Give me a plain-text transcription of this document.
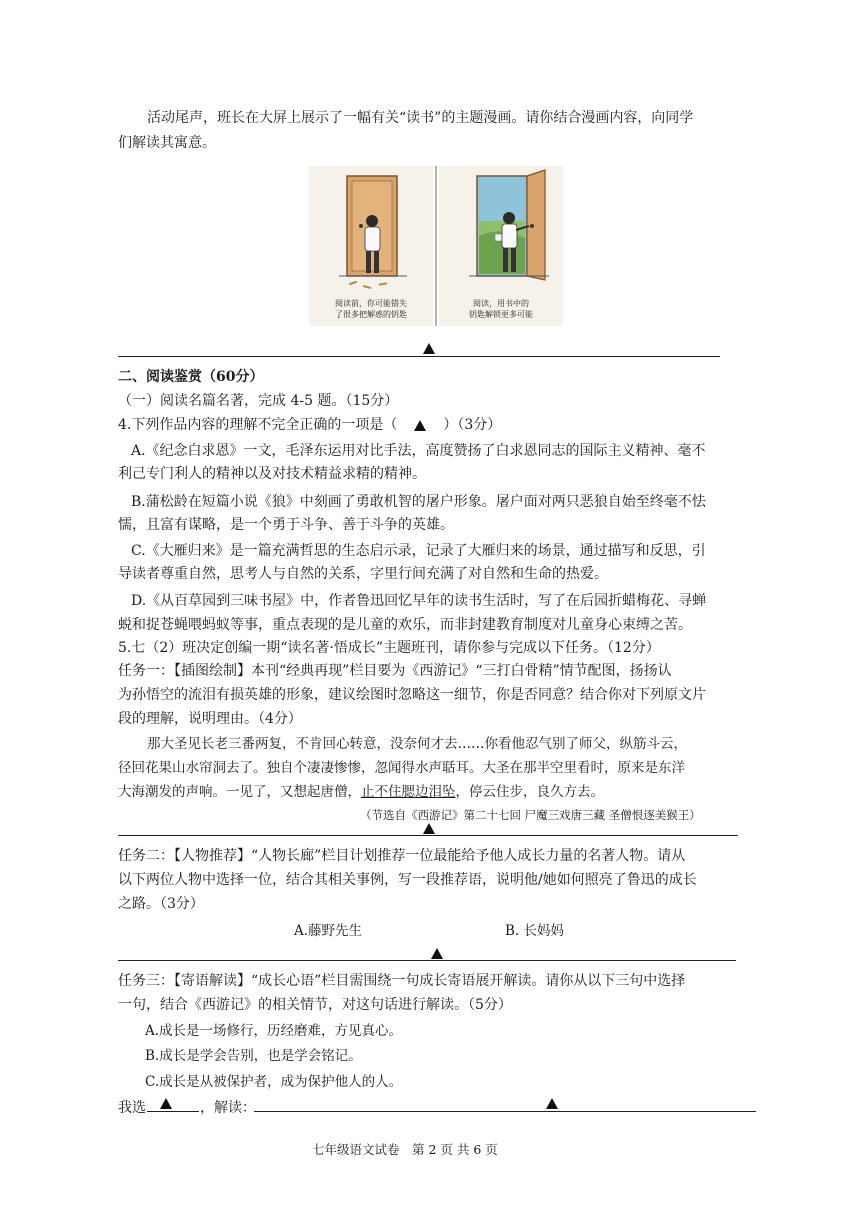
活动尾声，班长在大屏上展示了一幅有关“读书”的主题漫画。请你结合漫画内容，向同学
们解读其寓意。
阅读前，你可能错失
了很多把解惑的钥匙
阅读，用书中的
钥匙解锁更多可能
二、阅读鉴赏（60分）
（一）阅读名篇名著，完成 4-5 题。（15分）
4.下列作品内容的理解不完全正确的一项是（	）（3分）
A.《纪念白求恩》一文，毛泽东运用对比手法，高度赞扬了白求恩同志的国际主义精神、毫不
利己专门利人的精神以及对技术精益求精的精神。
B.蒲松龄在短篇小说《狼》中刻画了勇敢机智的屠户形象。屠户面对两只恶狼自始至终毫不怯
懦，且富有谋略，是一个勇于斗争、善于斗争的英雄。
C.《大雁归来》是一篇充满哲思的生态启示录，记录了大雁归来的场景，通过描写和反思，引
导读者尊重自然，思考人与自然的关系，字里行间充满了对自然和生命的热爱。
D.《从百草园到三味书屋》中，作者鲁迅回忆早年的读书生活时，写了在后园折蜡梅花、寻蝉
蜕和捉苍蝇喂蚂蚁等事，重点表现的是儿童的欢乐，而非封建教育制度对儿童身心束缚之苦。
5.七（2）班决定创编一期“读名著·悟成长”主题班刊，请你参与完成以下任务。（12分）
任务一：【插图绘制】本刊“经典再现”栏目要为《西游记》“三打白骨精”情节配图，扬扬认
为孙悟空的流泪有损英雄的形象，建议绘图时忽略这一细节，你是否同意？结合你对下列原文片
段的理解，说明理由。（4分）
那大圣见长老三番两复，不肯回心转意，没奈何才去……你看他忍气别了师父，纵筋斗云，
径回花果山水帘洞去了。独自个凄凄惨惨，忽闻得水声聒耳。大圣在那半空里看时，原来是东洋
大海潮发的声响。一见了，又想起唐僧，止不住腮边泪坠，停云住步，良久方去。
（节选自《西游记》第二十七回 尸魔三戏唐三藏 圣僧恨逐美猴王）
任务二：【人物推荐】“人物长廊”栏目计划推荐一位最能给予他人成长力量的名著人物。请从
以下两位人物中选择一位，结合其相关事例，写一段推荐语，说明他/她如何照亮了鲁迅的成长
之路。（3分）
A.藤野先生	B. 长妈妈
任务三：【寄语解读】“成长心语”栏目需围绕一句成长寄语展开解读。请你从以下三句中选择
一句，结合《西游记》的相关情节，对这句话进行解读。（5分）
A.成长是一场修行，历经磨难，方见真心。
B.成长是学会告别，也是学会铭记。
C.成长是从被保护者，成为保护他人的人。
我选	，解读：
七年级语文试卷　第 2 页 共 6 页
